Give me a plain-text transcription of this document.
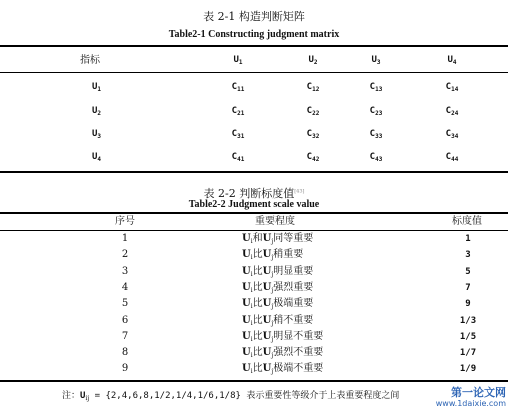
表 2-1 构造判断矩阵
Table2-1 Constructing judgment matrix
指标	$U_1$	$U_2$	$U_3$	$U_4$
$U_1$	$C_{11}$	$C_{12}$	$C_{13}$	$C_{14}$
$U_2$	$C_{21}$	$C_{22}$	$C_{23}$	$C_{24}$
$U_3$	$C_{31}$	$C_{32}$	$C_{33}$	$C_{34}$
$U_4$	$C_{41}$	$C_{42}$	$C_{43}$	$C_{44}$
表 2-2 判断标度值[43]
Table2-2 Judgment scale value
序号	重要程度	标度值
1	$U_i$和$U_j$同等重要	1
2	$U_i$比$U_j$稍重要	3
3	$U_i$比$U_j$明显重要	5
4	$U_i$比$U_j$强烈重要	7
5	$U_i$比$U_j$极端重要	9
6	$U_i$比$U_j$稍不重要	1/3
7	$U_i$比$U_j$明显不重要	1/5
8	$U_i$比$U_j$强烈不重要	1/7
9	$U_i$比$U_j$极端不重要	1/9
注：$U_{ij} = \{2,4,6,8,1/2,1/4,1/6,1/8\}$ 表示重要性等级介于上表重要程度之间	第一论文网
www.1daixie.com
